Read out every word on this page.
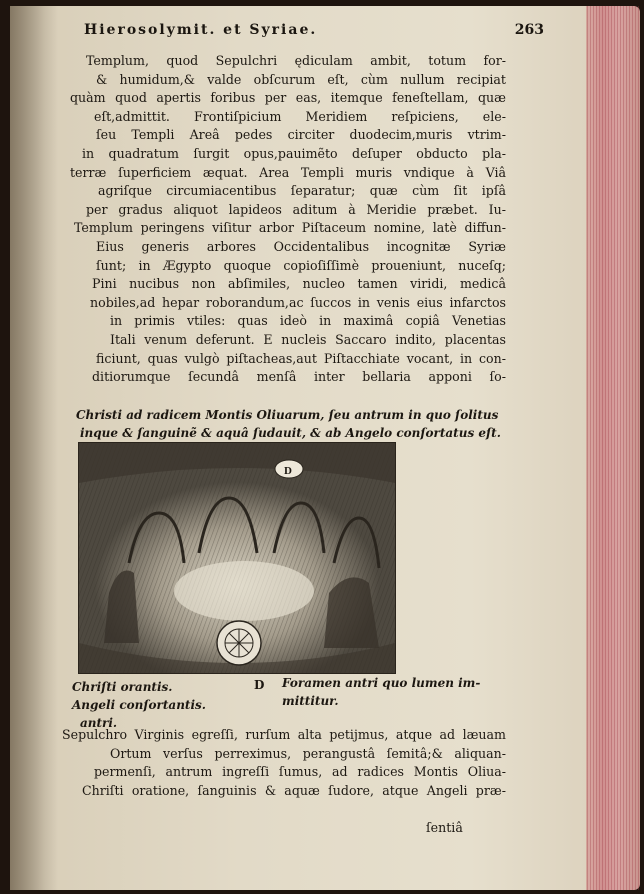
Hierosolymit. et Syriae.	263
Templum, quod Sepulchri ędiculam ambit, totum for-
& humidum,& valde obſcurum eſt, cùm nullum recipiat
quàm quod apertis foribus per eas, itemque feneſtellam, quæ
eſt,admittit. Frontiſpicium Meridiem reſpiciens, ele-
ſeu Templi Areâ pedes circiter duodecim,muris vtrim-
in quadratum ſurgit opus,pauimẽto deſuper obducto pla-
terræ ſuperficiem æquat. Area Templi muris vndique à Viâ
agriſque circumiacentibus ſeparatur; quæ cùm ſit ipſâ
per gradus aliquot lapideos aditum à Meridie præbet. Iu-
Templum peringens viſitur arbor Piſtaceum nomine, latè diffun-
Eius generis arbores Occidentalibus incognitæ Syriæ
ſunt; in Ægypto quoque copioſiſſimè proueniunt, nuceſq;
Pini nucibus non abſimiles, nucleo tamen viridi, medicâ
nobiles,ad hepar roborandum,ac ſuccos in venis eius infarctos
in primis vtiles: quas ideò in maximâ copiâ Venetias
Itali venum deferunt. E nucleis Saccaro indito, placentas
ficiunt, quas vulgò piſtacheas,aut Piſtacchiate vocant, in con-
ditiorumque ſecundâ menſâ inter bellaria apponi ſo-
Christi ad radicem Montis Oliuarum, ſeu antrum in quo ſolitus
inque & ſanguinẽ & aquâ ſudauit, & ab Angelo conſortatus eſt.
D
Chriſti orantis.
Angeli conſortantis.
antri.
D Foramen antri quo lumen im-
mittitur.
Sepulchro Virginis egreſſi, rurſum alta petijmus, atque ad læuam
Ortum verſus perreximus, perangustâ ſemitâ;& aliquan-
permenſi, antrum ingreſſi ſumus, ad radices Montis Oliua-
Chriſti oratione, ſanguinis & aquæ ſudore, atque Angeli præ-
ſentiâ
